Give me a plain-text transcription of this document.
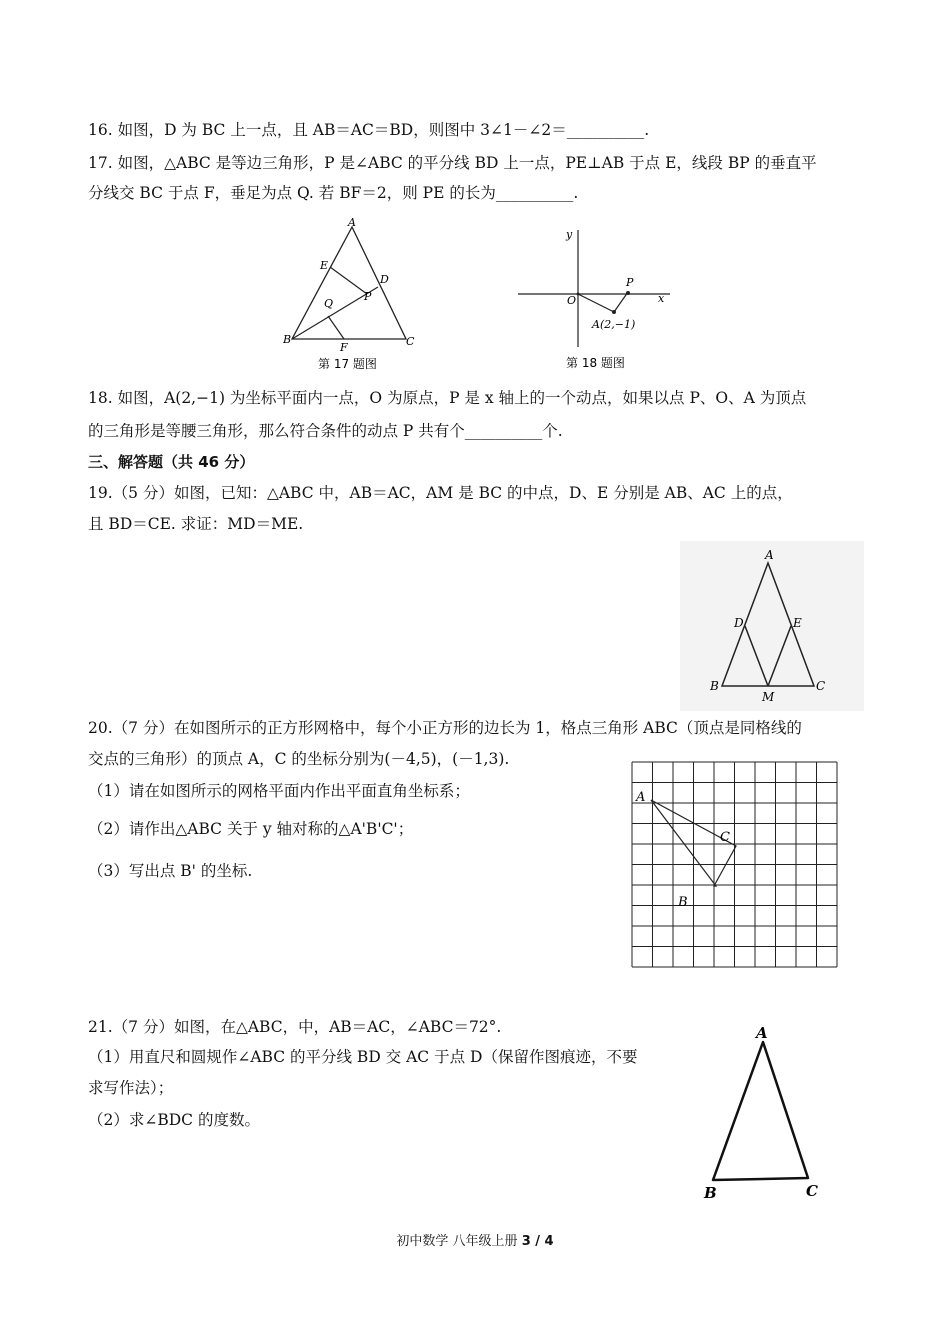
16. 如图，D 为 BC 上一点，且 AB＝AC＝BD，则图中 3∠1－∠2＝__________.
17. 如图，△ABC 是等边三角形，P 是∠ABC 的平分线 BD 上一点，PE⊥AB 于点 E，线段 BP 的垂直平
分线交 BC 于点 F，垂足为点 Q. 若 BF＝2，则 PE 的长为__________.
A
B	C
D
E
P
Q
F
第 17 题图
y
x
O
P
A(2,−1)
第 18 题图
18. 如图，A(2,−1) 为坐标平面内一点，O 为原点，P 是 x 轴上的一个动点，如果以点 P、O、A 为顶点
的三角形是等腰三角形，那么符合条件的动点 P 共有个__________个.
三、解答题（共 46 分）
19.（5 分）如图，已知：△ABC 中，AB＝AC，AM 是 BC 的中点，D、E 分别是 AB、AC 上的点，
且 BD＝CE. 求证：MD＝ME.
A
D	E
B	C
M
20.（7 分）在如图所示的正方形网格中，每个小正方形的边长为 1，格点三角形 ABC（顶点是同格线的
交点的三角形）的顶点 A，C 的坐标分别为(－4,5)，(－1,3).
（1）请在如图所示的网格平面内作出平面直角坐标系；
（2）请作出△ABC 关于 y 轴对称的△A'B'C'；
（3）写出点 B' 的坐标.
A
C
B
21.（7 分）如图，在△ABC，中，AB＝AC，∠ABC＝72°.
（1）用直尺和圆规作∠ABC 的平分线 BD 交 AC 于点 D（保留作图痕迹，不要
求写作法）；
（2）求∠BDC 的度数。
A
B	C
初中数学 八年级上册 3 / 4
